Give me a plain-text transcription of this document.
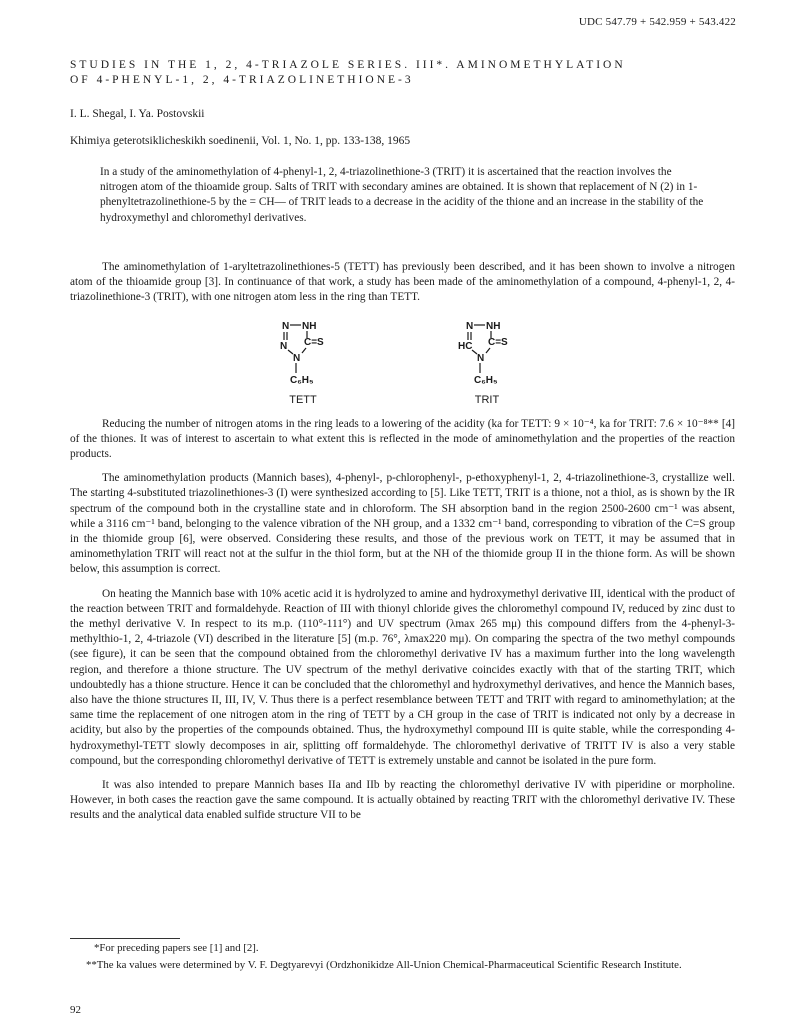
UDC 547.79 + 542.959 + 543.422
STUDIES IN THE 1, 2, 4-TRIAZOLE SERIES. III*. AMINOMETHYLATION
OF 4-PHENYL-1, 2, 4-TRIAZOLINETHIONE-3
I. L. Shegal, I. Ya. Postovskii
Khimiya geterotsiklicheskikh soedinenii, Vol. 1, No. 1, pp. 133-138, 1965

In a study of the aminomethylation of 4-phenyl-1, 2, 4-triazolinethione-3 (TRIT) it is ascertained that the reaction involves the nitrogen atom of the thioamide group. Salts of TRIT with secondary amines are obtained. It is shown that replacement of N (2) in 1-phenyltetrazolinethione-5 by the = CH— of TRIT leads to a decrease in the acidity of the thione and an increase in the stability of the hydroxymethyl and chloromethyl derivatives.

The aminomethylation of 1-aryltetrazolinethiones-5 (TETT) has previously been described, and it has been shown to involve a nitrogen atom of the thioamide group [3]. In continuance of that work, a study has been made of the aminomethylation of a compound, 4-phenyl-1, 2, 4-triazolinethione-3 (TRIT), with one nitrogen atom less in the ring than TETT.

N NH
N C=S
N
C₆H₅
TETT
N NH
HC C=S
N
C₆H₅
TRIT

Reducing the number of nitrogen atoms in the ring leads to a lowering of the acidity (ka for TETT: 9 × 10⁻⁴, ka for TRIT: 7.6 × 10⁻⁸** [4] of the thiones. It was of interest to ascertain to what extent this is reflected in the mode of aminomethylation and the properties of the reaction products.

The aminomethylation products (Mannich bases), 4-phenyl-, p-chlorophenyl-, p-ethoxyphenyl-1, 2, 4-triazolinethione-3, crystallize well. The starting 4-substituted triazolinethiones-3 (I) were synthesized according to [5]. Like TETT, TRIT is a thione, not a thiol, as is shown by the IR spectrum of the compound both in the crystalline state and in chloroform. The SH absorption band in the region 2500-2600 cm⁻¹ was absent, while a 3116 cm⁻¹ band, belonging to the valence vibration of the NH group, and a 1332 cm⁻¹ band, corresponding to vibration of the C=S group in the thiomide group [6], were observed. Considering these results, and those of the previous work on TETT, it may be assumed that in aminomethylation TRIT will react not at the sulfur in the thiol form, but at the NH of the thiomide group II in the thione form. As will be shown below, this assumption is correct.

On heating the Mannich base with 10% acetic acid it is hydrolyzed to amine and hydroxymethyl derivative III, identical with the product of the reaction between TRIT and formaldehyde. Reaction of III with thionyl chloride gives the chloromethyl compound IV, reduced by zinc dust to the methyl derivative V. In respect to its m.p. (110°-111°) and UV spectrum (λmax 265 mμ) this compound differs from the 4-phenyl-3-methylthio-1, 2, 4-triazole (VI) described in the literature [5] (m.p. 76°, λmax220 mμ). On comparing the spectra of the two methyl compounds (see figure), it can be seen that the compound obtained from the chloromethyl derivative IV has a maximum further into the long wavelength region, and therefore a thione structure. The UV spectrum of the methyl derivative coincides exactly with that of the starting TRIT, which undoubtedly has a thione structure. Hence it can be concluded that the chloromethyl and hydroxymethyl derivatives, and hence the Mannich bases, also have the thione structures II, III, IV, V. Thus there is a perfect resemblance between TETT and TRIT with regard to aminomethylation; at the same time the replacement of one nitrogen atom in the ring of TETT by a CH group in the case of TRIT is indicated not only by a decrease in acidity, but also by the properties of the compounds obtained. Thus, the hydroxymethyl compound III is quite stable, while the corresponding 4-hydroxymethyl-TETT slowly decomposes in air, splitting off formaldehyde. The chloromethyl derivative of TRITT IV is also a very stable compound, but the corresponding chloromethyl derivative of TETT is extremely unstable and cannot be isolated in the pure form.

It was also intended to prepare Mannich bases IIa and IIb by reacting the chloromethyl derivative IV with piperidine or morpholine. However, in both cases the reaction gave the same compound. It is actually obtained by reacting TRIT with the chloromethyl derivative IV. These results and the analytical data enabled sulfide structure VII to be

*For preceding papers see [1] and [2].

**The ka values were determined by V. F. Degtyarevyi (Ordzhonikidze All-Union Chemical-Pharmaceutical Scientific Research Institute.

92
